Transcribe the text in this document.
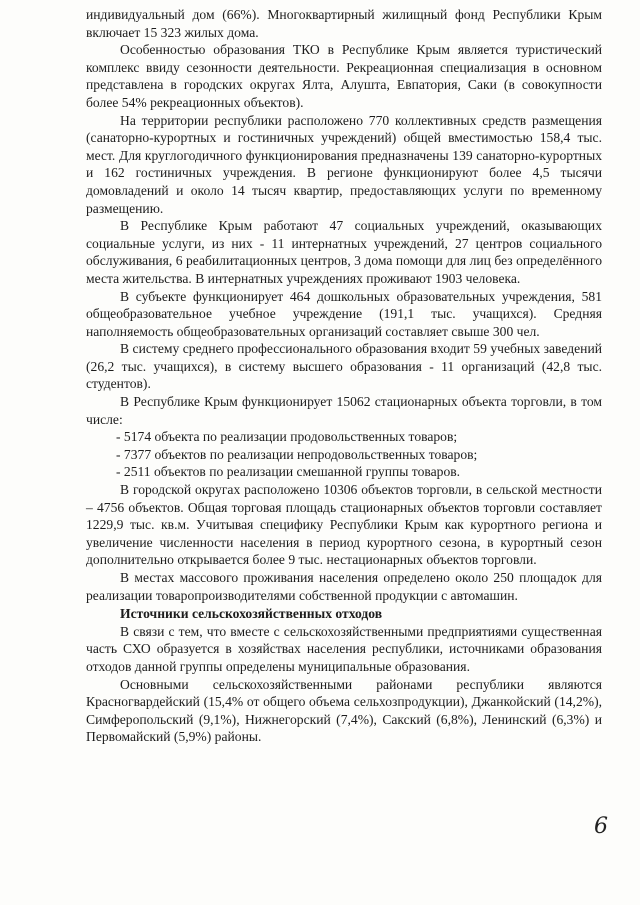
индивидуальный дом (66%). Многоквартирный жилищный фонд Республики Крым включает 15 323 жилых дома.

Особенностью образования ТКО в Республике Крым является туристический комплекс ввиду сезонности деятельности. Рекреационная специализация в основном представлена в городских округах Ялта, Алушта, Евпатория, Саки (в совокупности более 54% рекреационных объектов).

На территории республики расположено 770 коллективных средств размещения (санаторно-курортных и гостиничных учреждений) общей вместимостью 158,4 тыс. мест. Для круглогодичного функционирования предназначены 139 санаторно-курортных и 162 гостиничных учреждения. В регионе функционируют более 4,5 тысячи домовладений и около 14 тысяч квартир, предоставляющих услуги по временному размещению.

В Республике Крым работают 47 социальных учреждений, оказывающих социальные услуги, из них - 11 интернатных учреждений, 27 центров социального обслуживания, 6 реабилитационных центров, 3 дома помощи для лиц без определённого места жительства. В интернатных учреждениях проживают 1903 человека.

В субъекте функционирует 464 дошкольных образовательных учреждения, 581 общеобразовательное учебное учреждение (191,1 тыс. учащихся). Средняя наполняемость общеобразовательных организаций составляет свыше 300 чел.

В систему среднего профессионального образования входит 59 учебных заведений (26,2 тыс. учащихся), в систему высшего образования - 11 организаций (42,8 тыс. студентов).

В Республике Крым функционирует 15062 стационарных объекта торговли, в том числе:

- 5174 объекта по реализации продовольственных товаров;

- 7377 объектов по реализации непродовольственных товаров;

- 2511 объектов по реализации смешанной группы товаров.

В городской округах расположено 10306 объектов торговли, в сельской местности – 4756 объектов. Общая торговая площадь стационарных объектов торговли составляет 1229,9 тыс. кв.м. Учитывая специфику Республики Крым как курортного региона и увеличение численности населения в период курортного сезона, в курортный сезон дополнительно открывается более 9 тыс. нестационарных объектов торговли.

В местах массового проживания населения определено около 250 площадок для реализации товаропроизводителями собственной продукции с автомашин.

Источники сельскохозяйственных отходов

В связи с тем, что вместе с сельскохозяйственными предприятиями существенная часть СХО образуется в хозяйствах населения республики, источниками образования отходов данной группы определены муниципальные образования.

Основными сельскохозяйственными районами республики являются Красногвардейский (15,4% от общего объема сельхозпродукции), Джанкойский (14,2%), Симферопольский (9,1%), Нижнегорский (7,4%), Сакский (6,8%), Ленинский (6,3%) и Первомайский (5,9%) районы.

6
